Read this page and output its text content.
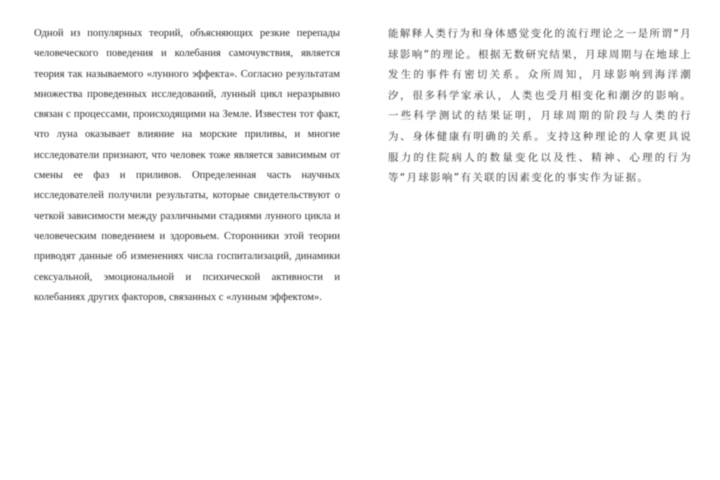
Одной из популярных теорий, объясняющих резкие перепады человеческого поведения и колебания самочувствия, является теория так называемого «лунного эффекта». Согласно результатам множества проведенных исследований, лунный цикл неразрывно связан с процессами, происходящими на Земле. Известен тот факт, что луна оказывает влияние на морские приливы, и многие исследователи признают, что человек тоже является зависимым от смены ее фаз и приливов. Определенная часть научных исследователей получили результаты, которые свидетельствуют о четкой зависимости между различными стадиями лунного цикла и человеческим поведением и здоровьем. Сторонники этой теории приводят данные об изменениях числа госпитализаций, динамики сексуальной, эмоциональной и психической активности и колебаниях других факторов, связанных с «лунным эффектом».

能解释人类行为和身体感觉变化的流行理论之一是所谓“月球影响”的理论。根据无数研究结果，月球周期与在地球上发生的事件有密切关系。众所周知，月球影响到海洋潮汐，很多科学家承认，人类也受月相变化和潮汐的影响。一些科学测试的结果证明，月球周期的阶段与人类的行为、身体健康有明确的关系。支持这种理论的人拿更具说服力的住院病人的数量变化以及性、精神、心理的行为等“月球影响”有关联的因素变化的事实作为证据。
